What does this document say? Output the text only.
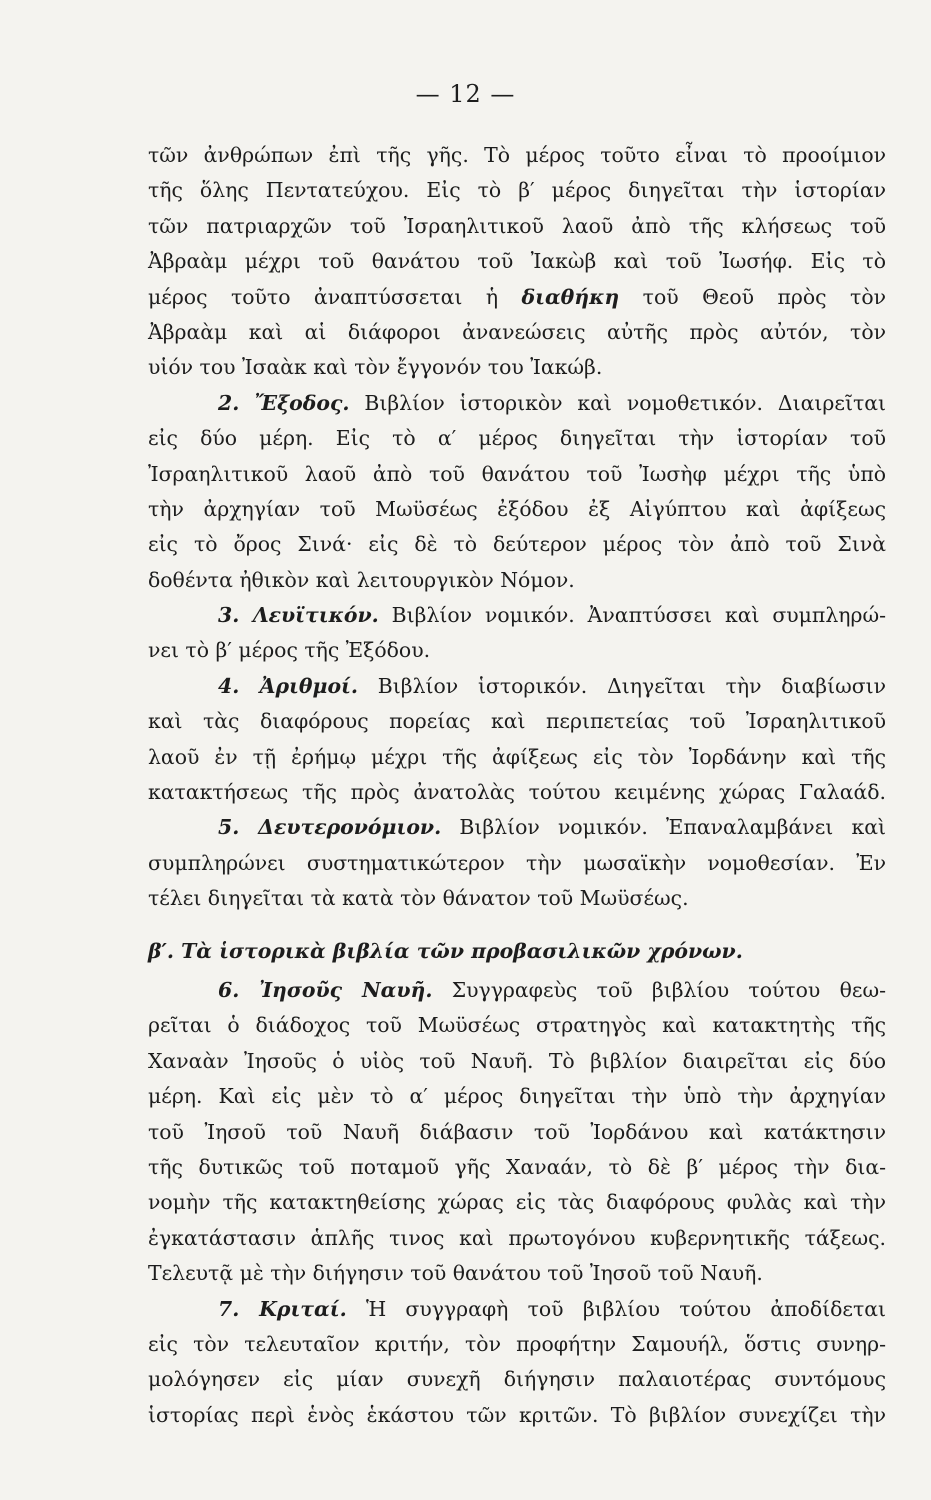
— 12 —
τῶν ἀνθρώπων ἐπὶ τῆς γῆς. Τὸ μέρος τοῦτο εἶναι τὸ προοίμιον
τῆς ὅλης Πεντατεύχου. Εἰς τὸ β′ μέρος διηγεῖται τὴν ἱστορίαν
τῶν πατριαρχῶν τοῦ Ἰσραηλιτικοῦ λαοῦ ἀπὸ τῆς κλήσεως τοῦ
Ἀβραὰμ μέχρι τοῦ θανάτου τοῦ Ἰακὼβ καὶ τοῦ Ἰωσήφ. Εἰς τὸ
μέρος τοῦτο ἀναπτύσσεται ἡ διαθήκη τοῦ Θεοῦ πρὸς τὸν
Ἀβραὰμ καὶ αἱ διάφοροι ἀνανεώσεις αὐτῆς πρὸς αὐτόν, τὸν
υἱόν του Ἰσαὰκ καὶ τὸν ἔγγονόν του Ἰακώβ.
2. Ἔξοδος. Βιβλίον ἱστορικὸν καὶ νομοθετικόν. Διαιρεῖται
εἰς δύο μέρη. Εἰς τὸ α′ μέρος διηγεῖται τὴν ἱστορίαν τοῦ
Ἰσραηλιτικοῦ λαοῦ ἀπὸ τοῦ θανάτου τοῦ Ἰωσὴφ μέχρι τῆς ὑπὸ
τὴν ἀρχηγίαν τοῦ Μωϋσέως ἐξόδου ἐξ Αἰγύπτου καὶ ἀφίξεως
εἰς τὸ ὄρος Σινά· εἰς δὲ τὸ δεύτερον μέρος τὸν ἀπὸ τοῦ Σινὰ
δοθέντα ἠθικὸν καὶ λειτουργικὸν Νόμον.
3. Λευϊτικόν. Βιβλίον νομικόν. Ἀναπτύσσει καὶ συμπληρώ-
νει τὸ β′ μέρος τῆς Ἐξόδου.
4. Ἀριθμοί. Βιβλίον ἱστορικόν. Διηγεῖται τὴν διαβίωσιν
καὶ τὰς διαφόρους πορείας καὶ περιπετείας τοῦ Ἰσραηλιτικοῦ
λαοῦ ἐν τῇ ἐρήμῳ μέχρι τῆς ἀφίξεως εἰς τὸν Ἰορδάνην καὶ τῆς
κατακτήσεως τῆς πρὸς ἀνατολὰς τούτου κειμένης χώρας Γαλαάδ.
5. Δευτερονόμιον. Βιβλίον νομικόν. Ἐπαναλαμβάνει καὶ
συμπληρώνει συστηματικώτερον τὴν μωσαϊκὴν νομοθεσίαν. Ἐν
τέλει διηγεῖται τὰ κατὰ τὸν θάνατον τοῦ Μωϋσέως.
β′. Τὰ ἱστορικὰ βιβλία τῶν προβασιλικῶν χρόνων.
6. Ἰησοῦς Ναυῆ. Συγγραφεὺς τοῦ βιβλίου τούτου θεω-
ρεῖται ὁ διάδοχος τοῦ Μωϋσέως στρατηγὸς καὶ κατακτητὴς τῆς
Χαναὰν Ἰησοῦς ὁ υἱὸς τοῦ Ναυῆ. Τὸ βιβλίον διαιρεῖται εἰς δύο
μέρη. Καὶ εἰς μὲν τὸ α′ μέρος διηγεῖται τὴν ὑπὸ τὴν ἀρχηγίαν
τοῦ Ἰησοῦ τοῦ Ναυῆ διάβασιν τοῦ Ἰορδάνου καὶ κατάκτησιν
τῆς δυτικῶς τοῦ ποταμοῦ γῆς Χαναάν, τὸ δὲ β′ μέρος τὴν δια-
νομὴν τῆς κατακτηθείσης χώρας εἰς τὰς διαφόρους φυλὰς καὶ τὴν
ἐγκατάστασιν ἁπλῆς τινος καὶ πρωτογόνου κυβερνητικῆς τάξεως.
Τελευτᾷ μὲ τὴν διήγησιν τοῦ θανάτου τοῦ Ἰησοῦ τοῦ Ναυῆ.
7. Κριταί. Ἡ συγγραφὴ τοῦ βιβλίου τούτου ἀποδίδεται
εἰς τὸν τελευταῖον κριτήν, τὸν προφήτην Σαμουήλ, ὅστις συνηρ-
μολόγησεν εἰς μίαν συνεχῆ διήγησιν παλαιοτέρας συντόμους
ἱστορίας περὶ ἑνὸς ἑκάστου τῶν κριτῶν. Τὸ βιβλίον συνεχίζει τὴν
